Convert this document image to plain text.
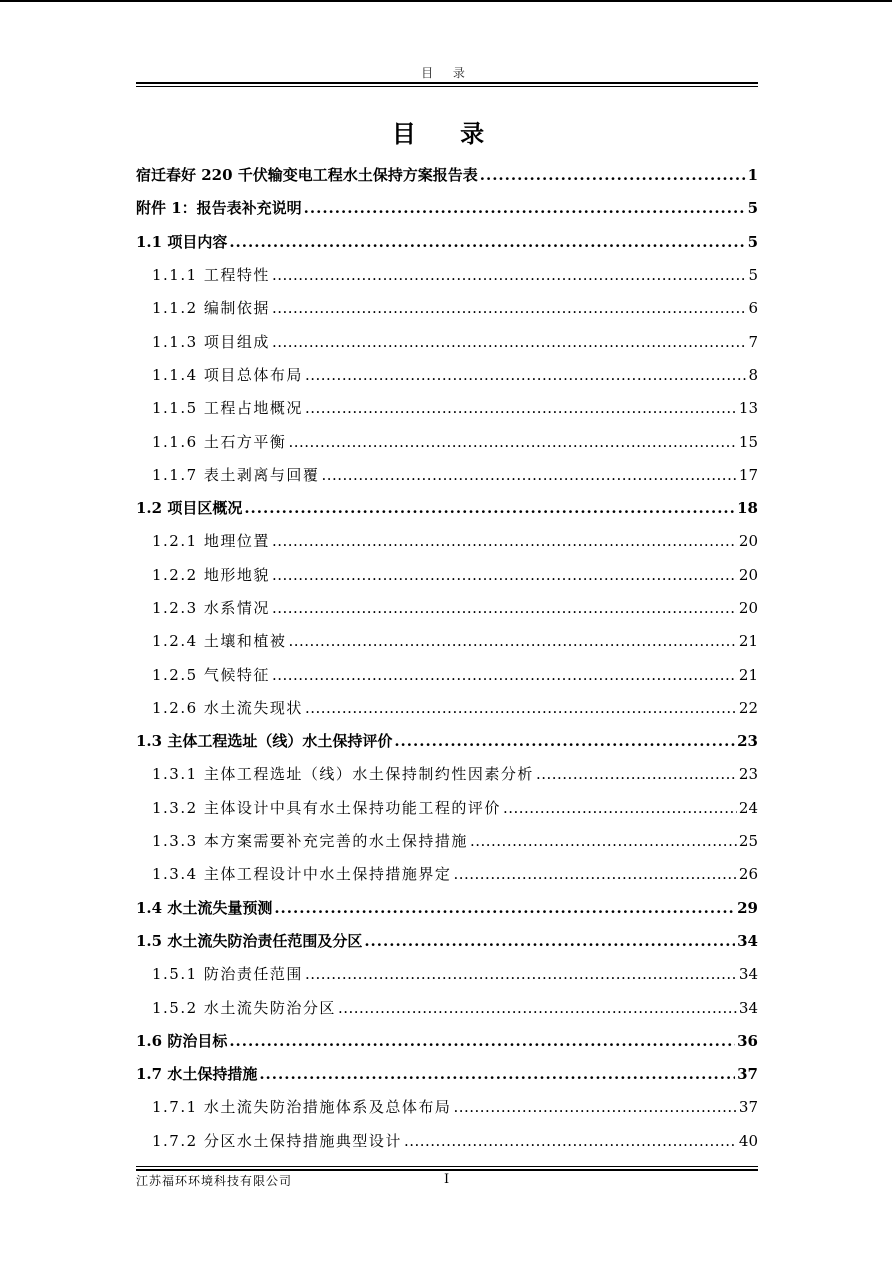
目 录
目 录
宿迁春好 220 千伏输变电工程水土保持方案报告表 .....	1
附件 1：报告表补充说明 .....	5
1.1 项目内容 .....	5
1.1.1 工程特性 .....	5
1.1.2 编制依据 .....	6
1.1.3 项目组成 .....	7
1.1.4 项目总体布局 .....	8
1.1.5 工程占地概况 .....	13
1.1.6 土石方平衡 .....	15
1.1.7 表土剥离与回覆 .....	17
1.2 项目区概况 .....	18
1.2.1 地理位置 .....	20
1.2.2 地形地貌 .....	20
1.2.3 水系情况 .....	20
1.2.4 土壤和植被 .....	21
1.2.5 气候特征 .....	21
1.2.6 水土流失现状 .....	22
1.3 主体工程选址（线）水土保持评价 .....	23
1.3.1 主体工程选址（线）水土保持制约性因素分析 .....	23
1.3.2 主体设计中具有水土保持功能工程的评价 .....	24
1.3.3 本方案需要补充完善的水土保持措施 .....	25
1.3.4 主体工程设计中水土保持措施界定 .....	26
1.4 水土流失量预测 .....	29
1.5 水土流失防治责任范围及分区 .....	34
1.5.1 防治责任范围 .....	34
1.5.2 水土流失防治分区 .....	34
1.6 防治目标 .....	36
1.7 水土保持措施 .....	37
1.7.1 水土流失防治措施体系及总体布局 .....	37
1.7.2 分区水土保持措施典型设计 .....	40
江苏福环环境科技有限公司	I
